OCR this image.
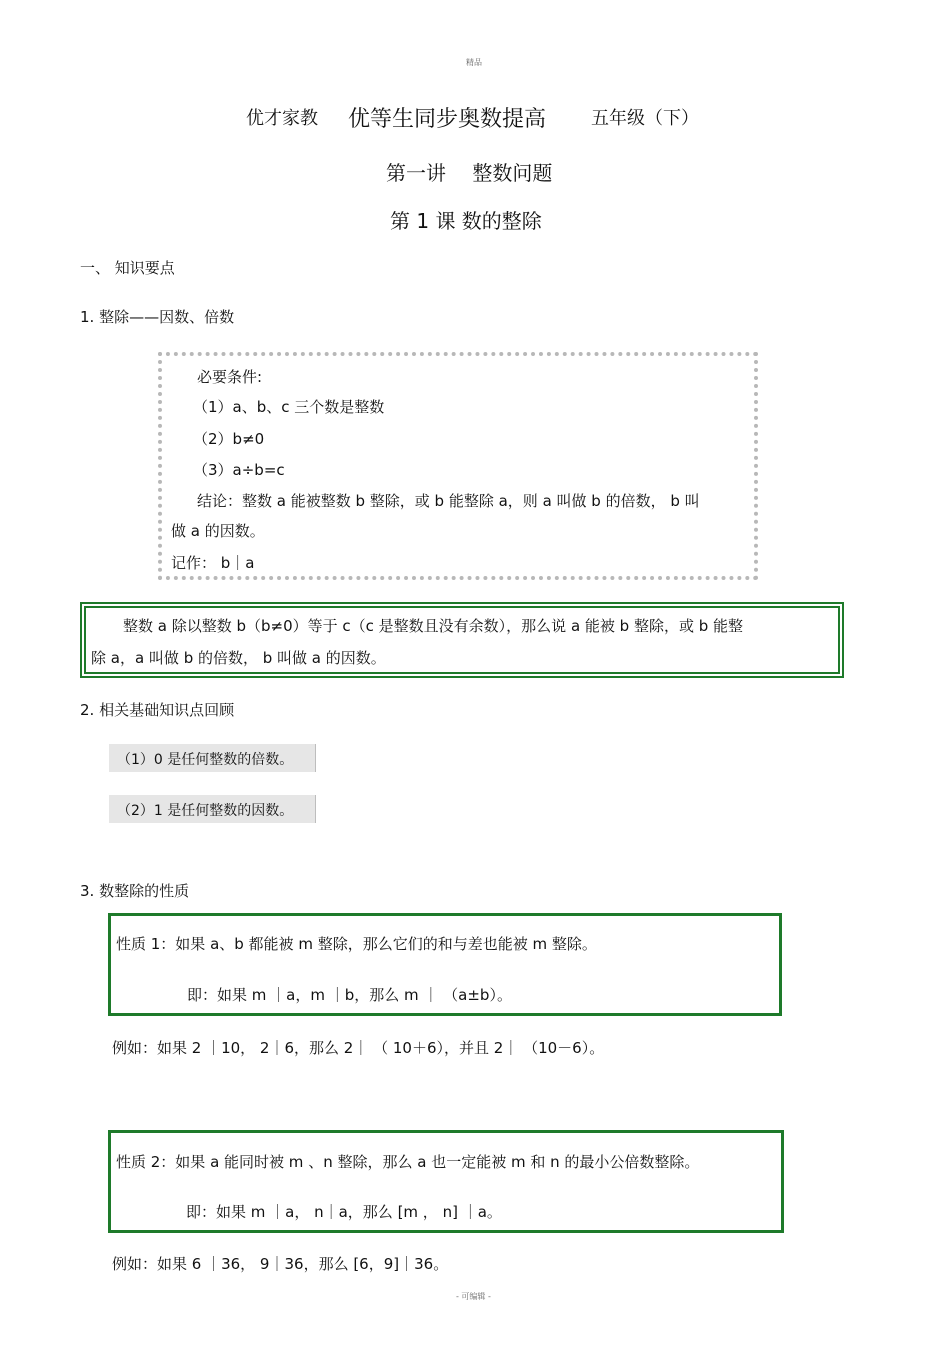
精品
优才家教 优等生同步奥数提高 五年级（下）
第一讲　 整数问题
第 1 课 数的整除
一、 知识要点
1. 整除——因数、倍数
必要条件:
（1）a、b、c 三个数是整数
（2）b≠0
（3）a÷b=c
结论：整数 a 能被整数 b 整除，或 b 能整除 a，则 a 叫做 b 的倍数， b 叫
做 a 的因数。
记作： b｜a
整数 a 除以整数 b（b≠0）等于 c（c 是整数且没有余数），那么说 a 能被 b 整除，或 b 能整
除 a，a 叫做 b 的倍数， b 叫做 a 的因数。
2. 相关基础知识点回顾
（1）0 是任何整数的倍数。
（2）1 是任何整数的因数。
3. 数整除的性质
性质 1：如果 a、b 都能被 m 整除，那么它们的和与差也能被 m 整除。
即：如果 m ｜a，m ｜b，那么 m ｜ （a±b）。
例如：如果 2 ｜10， 2｜6，那么 2｜ （ 10＋6），并且 2｜ （10－6）。
性质 2：如果 a 能同时被 m 、n 整除，那么 a 也一定能被 m 和 n 的最小公倍数整除。
即：如果 m ｜a， n｜a，那么 [m ， n] ｜a。
例如：如果 6 ｜36， 9｜36，那么 [6，9]｜36。
- 可编辑 -
